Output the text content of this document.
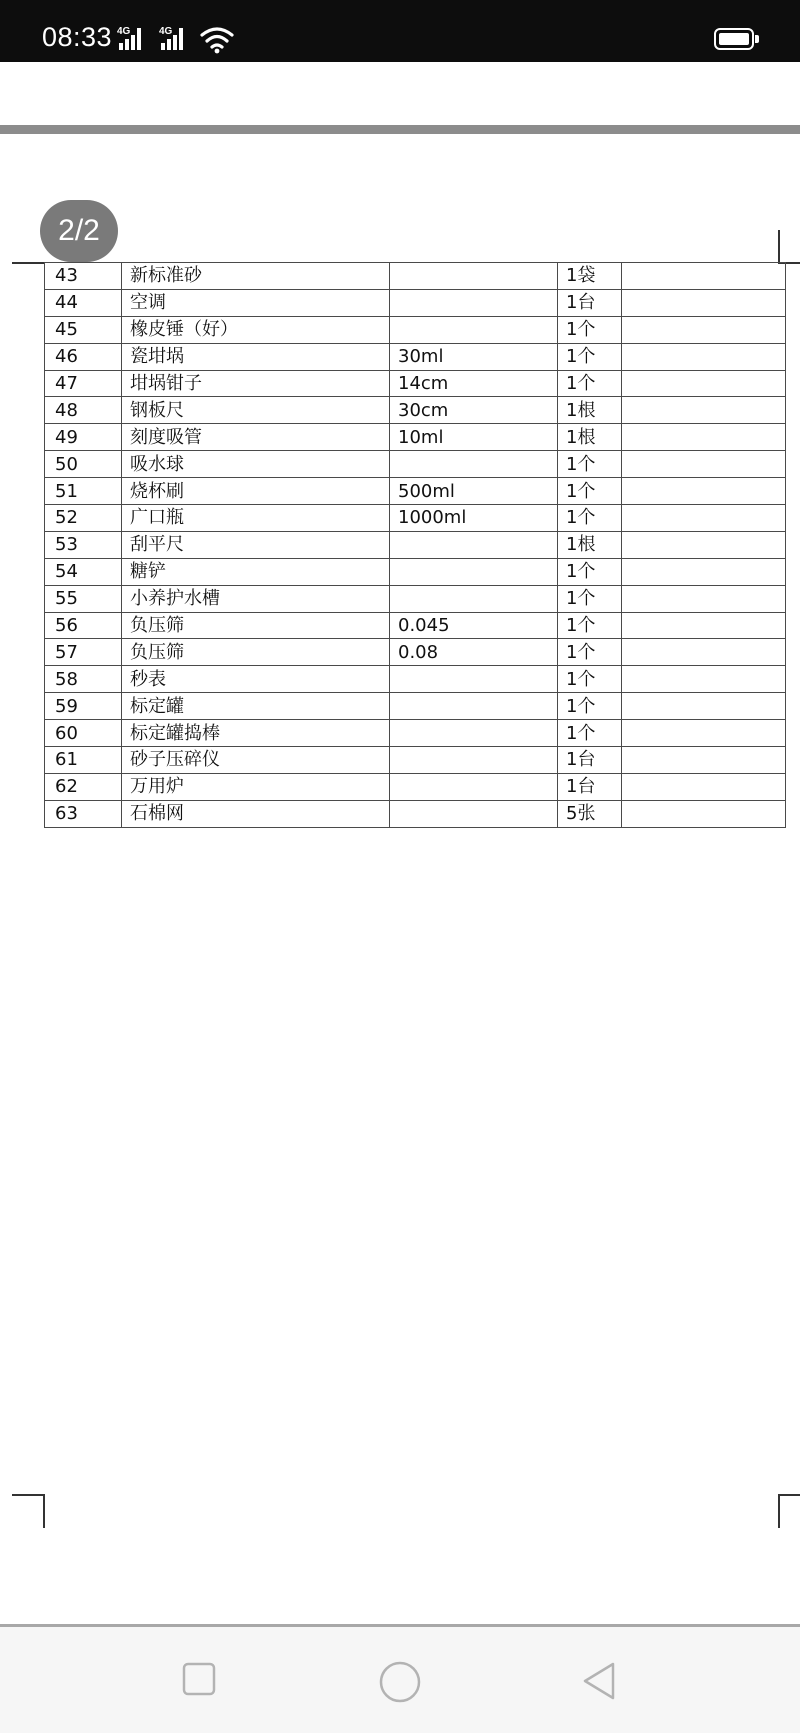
08:33 4G	4G
2/2
43	新标准砂		1袋	
44	空调		1台	
45	橡皮锤（好）		1个	
46	瓷坩埚	30ml	1个	
47	坩埚钳子	14cm	1个	
48	钢板尺	30cm	1根	
49	刻度吸管	10ml	1根	
50	吸水球		1个	
51	烧杯刷	500ml	1个	
52	广口瓶	1000ml	1个	
53	刮平尺		1根	
54	糖铲		1个	
55	小养护水槽		1个	
56	负压筛	0.045	1个	
57	负压筛	0.08	1个	
58	秒表		1个	
59	标定罐		1个	
60	标定罐捣棒		1个	
61	砂子压碎仪		1台	
62	万用炉		1台	
63	石棉网		5张	
